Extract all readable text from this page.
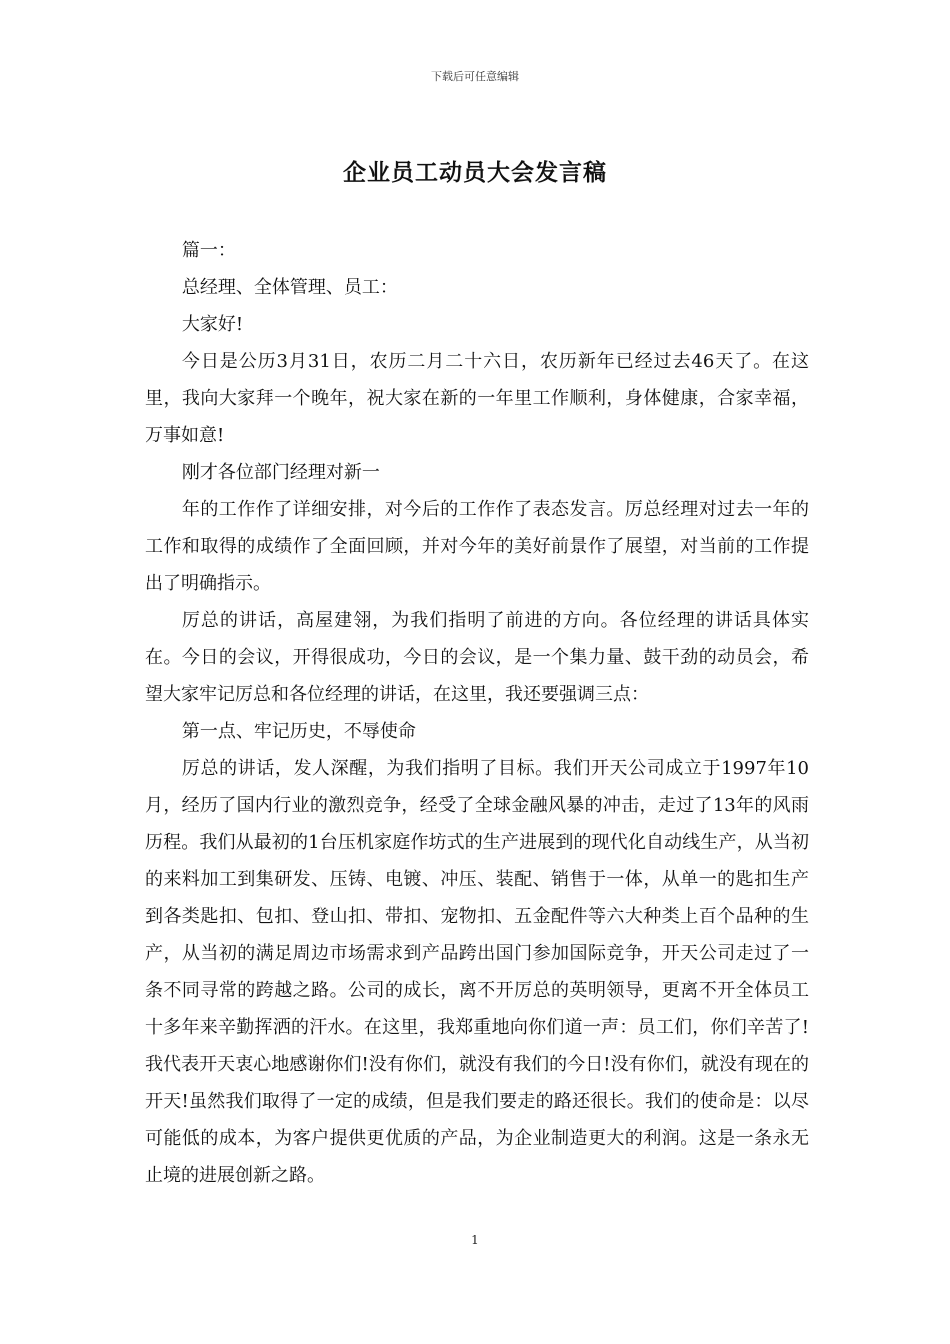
下载后可任意编辑
企业员工动员大会发言稿

篇一：

总经理、全体管理、员工：

大家好!

今日是公历3月31日，农历二月二十六日，农历新年已经过去46天了。在这里，我向大家拜一个晚年，祝大家在新的一年里工作顺利，身体健康，合家幸福，万事如意!

刚才各位部门经理对新一

年的工作作了详细安排，对今后的工作作了表态发言。厉总经理对过去一年的工作和取得的成绩作了全面回顾，并对今年的美好前景作了展望，对当前的工作提出了明确指示。

厉总的讲话，高屋建翎，为我们指明了前进的方向。各位经理的讲话具体实在。今日的会议，开得很成功，今日的会议，是一个集力量、鼓干劲的动员会，希望大家牢记厉总和各位经理的讲话，在这里，我还要强调三点：

第一点、牢记历史，不辱使命

厉总的讲话，发人深醒，为我们指明了目标。我们开天公司成立于1997年10月，经历了国内行业的激烈竞争，经受了全球金融风暴的冲击，走过了13年的风雨历程。我们从最初的1台压机家庭作坊式的生产进展到的现代化自动线生产，从当初的来料加工到集研发、压铸、电镀、冲压、装配、销售于一体，从单一的匙扣生产到各类匙扣、包扣、登山扣、带扣、宠物扣、五金配件等六大种类上百个品种的生产，从当初的满足周边市场需求到产品跨出国门参加国际竞争，开天公司走过了一条不同寻常的跨越之路。公司的成长，离不开厉总的英明领导，更离不开全体员工十多年来辛勤挥洒的汗水。在这里，我郑重地向你们道一声：员工们，你们辛苦了!我代表开天衷心地感谢你们!没有你们，就没有我们的今日!没有你们，就没有现在的开天!虽然我们取得了一定的成绩，但是我们要走的路还很长。我们的使命是：以尽可能低的成本，为客户提供更优质的产品，为企业制造更大的利润。这是一条永无止境的进展创新之路。

1
